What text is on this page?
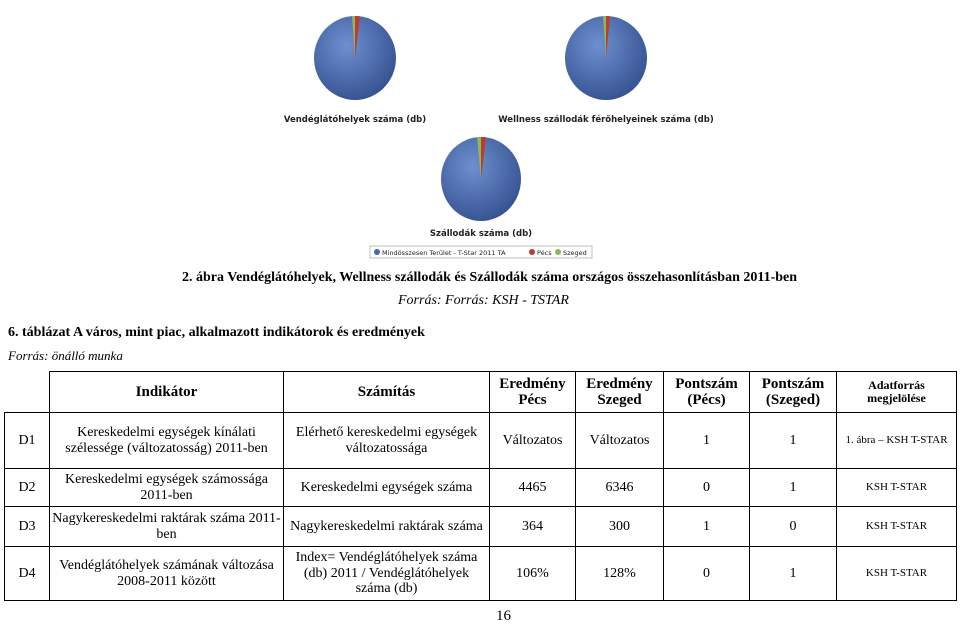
Vendéglátóhelyek száma (db)	Wellness szállodák férőhelyeinek száma (db)
Szállodák száma (db)
Mindösszesen Terület - T-Star 2011 TA	Pécs Szeged
2. ábra Vendéglátóhelyek, Wellness szállodák és Szállodák száma országos összehasonlításban 2011-ben
Forrás: Forrás: KSH - TSTAR
6. táblázat A város, mint piac, alkalmazott indikátorok és eredmények
Forrás: önálló munka
	Indikátor	Számítás	Eredmény Pécs	Eredmény Szeged	Pontszám (Pécs)	Pontszám (Szeged)	Adatforrás megjelölése
D1	Kereskedelmi egységek kínálati szélessége (változatosság) 2011-ben	Elérhető kereskedelmi egységek változatossága	Változatos	Változatos	1	1	1. ábra – KSH T-STAR
D2	Kereskedelmi egységek számossága 2011-ben	Kereskedelmi egységek száma	4465	6346	0	1	KSH T-STAR
D3	Nagykereskedelmi raktárak száma 2011-ben	Nagykereskedelmi raktárak száma	364	300	1	0	KSH T-STAR
D4	Vendéglátóhelyek számának változása 2008-2011 között	Index= Vendéglátóhelyek száma (db) 2011 / Vendéglátóhelyek száma (db)	106%	128%	0	1	KSH T-STAR
16
